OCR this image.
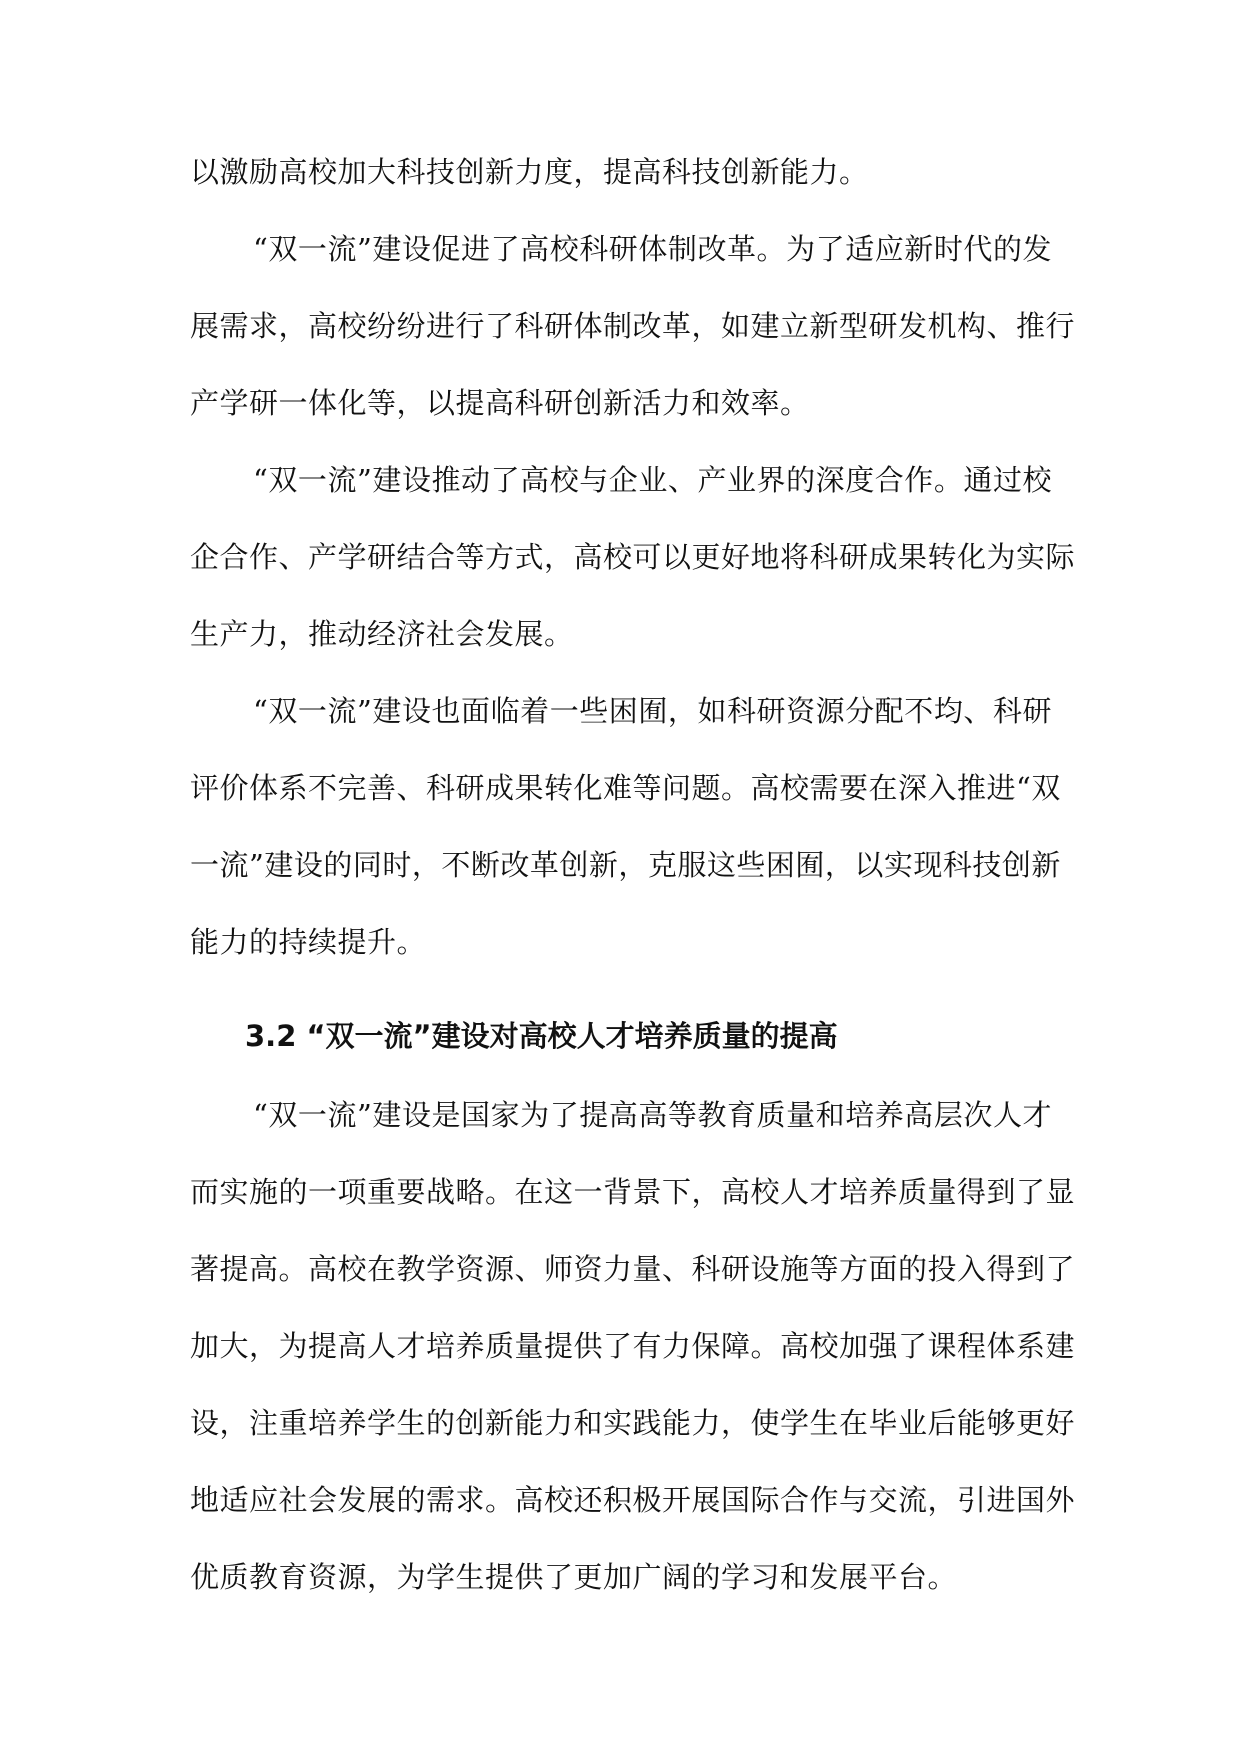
以激励高校加大科技创新力度，提高科技创新能力。
“双一流”建设促进了高校科研体制改革。为了适应新时代的发
展需求，高校纷纷进行了科研体制改革，如建立新型研发机构、推行
产学研一体化等，以提高科研创新活力和效率。
“双一流”建设推动了高校与企业、产业界的深度合作。通过校
企合作、产学研结合等方式，高校可以更好地将科研成果转化为实际
生产力，推动经济社会发展。
“双一流”建设也面临着一些困囿，如科研资源分配不均、科研
评价体系不完善、科研成果转化难等问题。高校需要在深入推进“双
一流”建设的同时，不断改革创新，克服这些困囿，以实现科技创新
能力的持续提升。
3.2 “双一流”建设对高校人才培养质量的提高
“双一流”建设是国家为了提高高等教育质量和培养高层次人才
而实施的一项重要战略。在这一背景下，高校人才培养质量得到了显
著提高。高校在教学资源、师资力量、科研设施等方面的投入得到了
加大，为提高人才培养质量提供了有力保障。高校加强了课程体系建
设，注重培养学生的创新能力和实践能力，使学生在毕业后能够更好
地适应社会发展的需求。高校还积极开展国际合作与交流，引进国外
优质教育资源，为学生提供了更加广阔的学习和发展平台。
